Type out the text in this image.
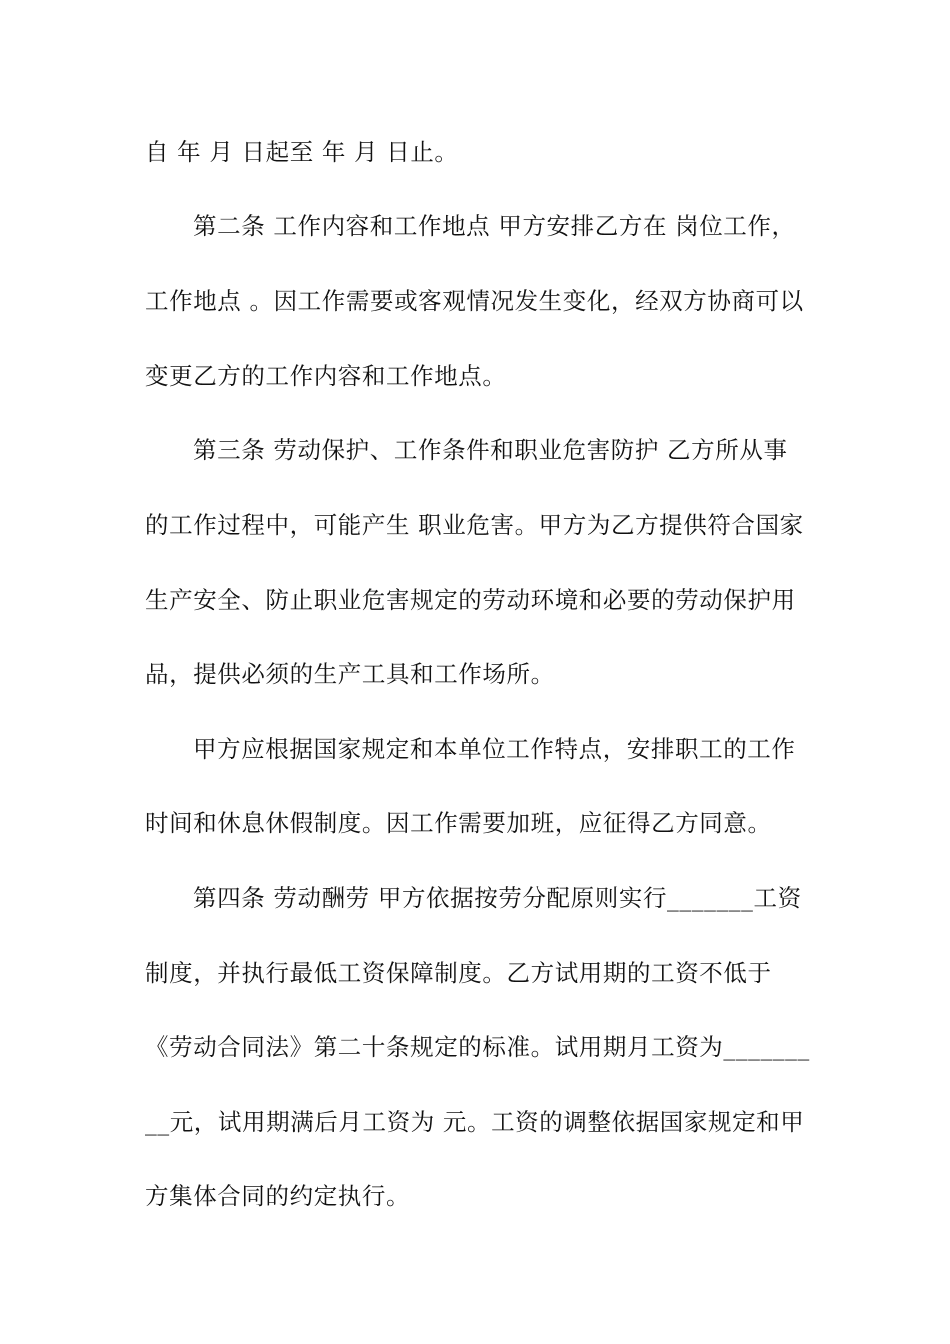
自 年 月 日起至 年 月 日止。
第二条 工作内容和工作地点 甲方安排乙方在 岗位工作，
工作地点 。因工作需要或客观情况发生变化，经双方协商可以
变更乙方的工作内容和工作地点。
第三条 劳动保护、工作条件和职业危害防护 乙方所从事
的工作过程中，可能产生 职业危害。甲方为乙方提供符合国家
生产安全、防止职业危害规定的劳动环境和必要的劳动保护用
品，提供必须的生产工具和工作场所。
甲方应根据国家规定和本单位工作特点，安排职工的工作
时间和休息休假制度。因工作需要加班，应征得乙方同意。
第四条 劳动酬劳 甲方依据按劳分配原则实行_______工资
制度，并执行最低工资保障制度。乙方试用期的工资不低于
《劳动合同法》第二十条规定的标准。试用期月工资为_______
__元，试用期满后月工资为 元。工资的调整依据国家规定和甲
方集体合同的约定执行。
